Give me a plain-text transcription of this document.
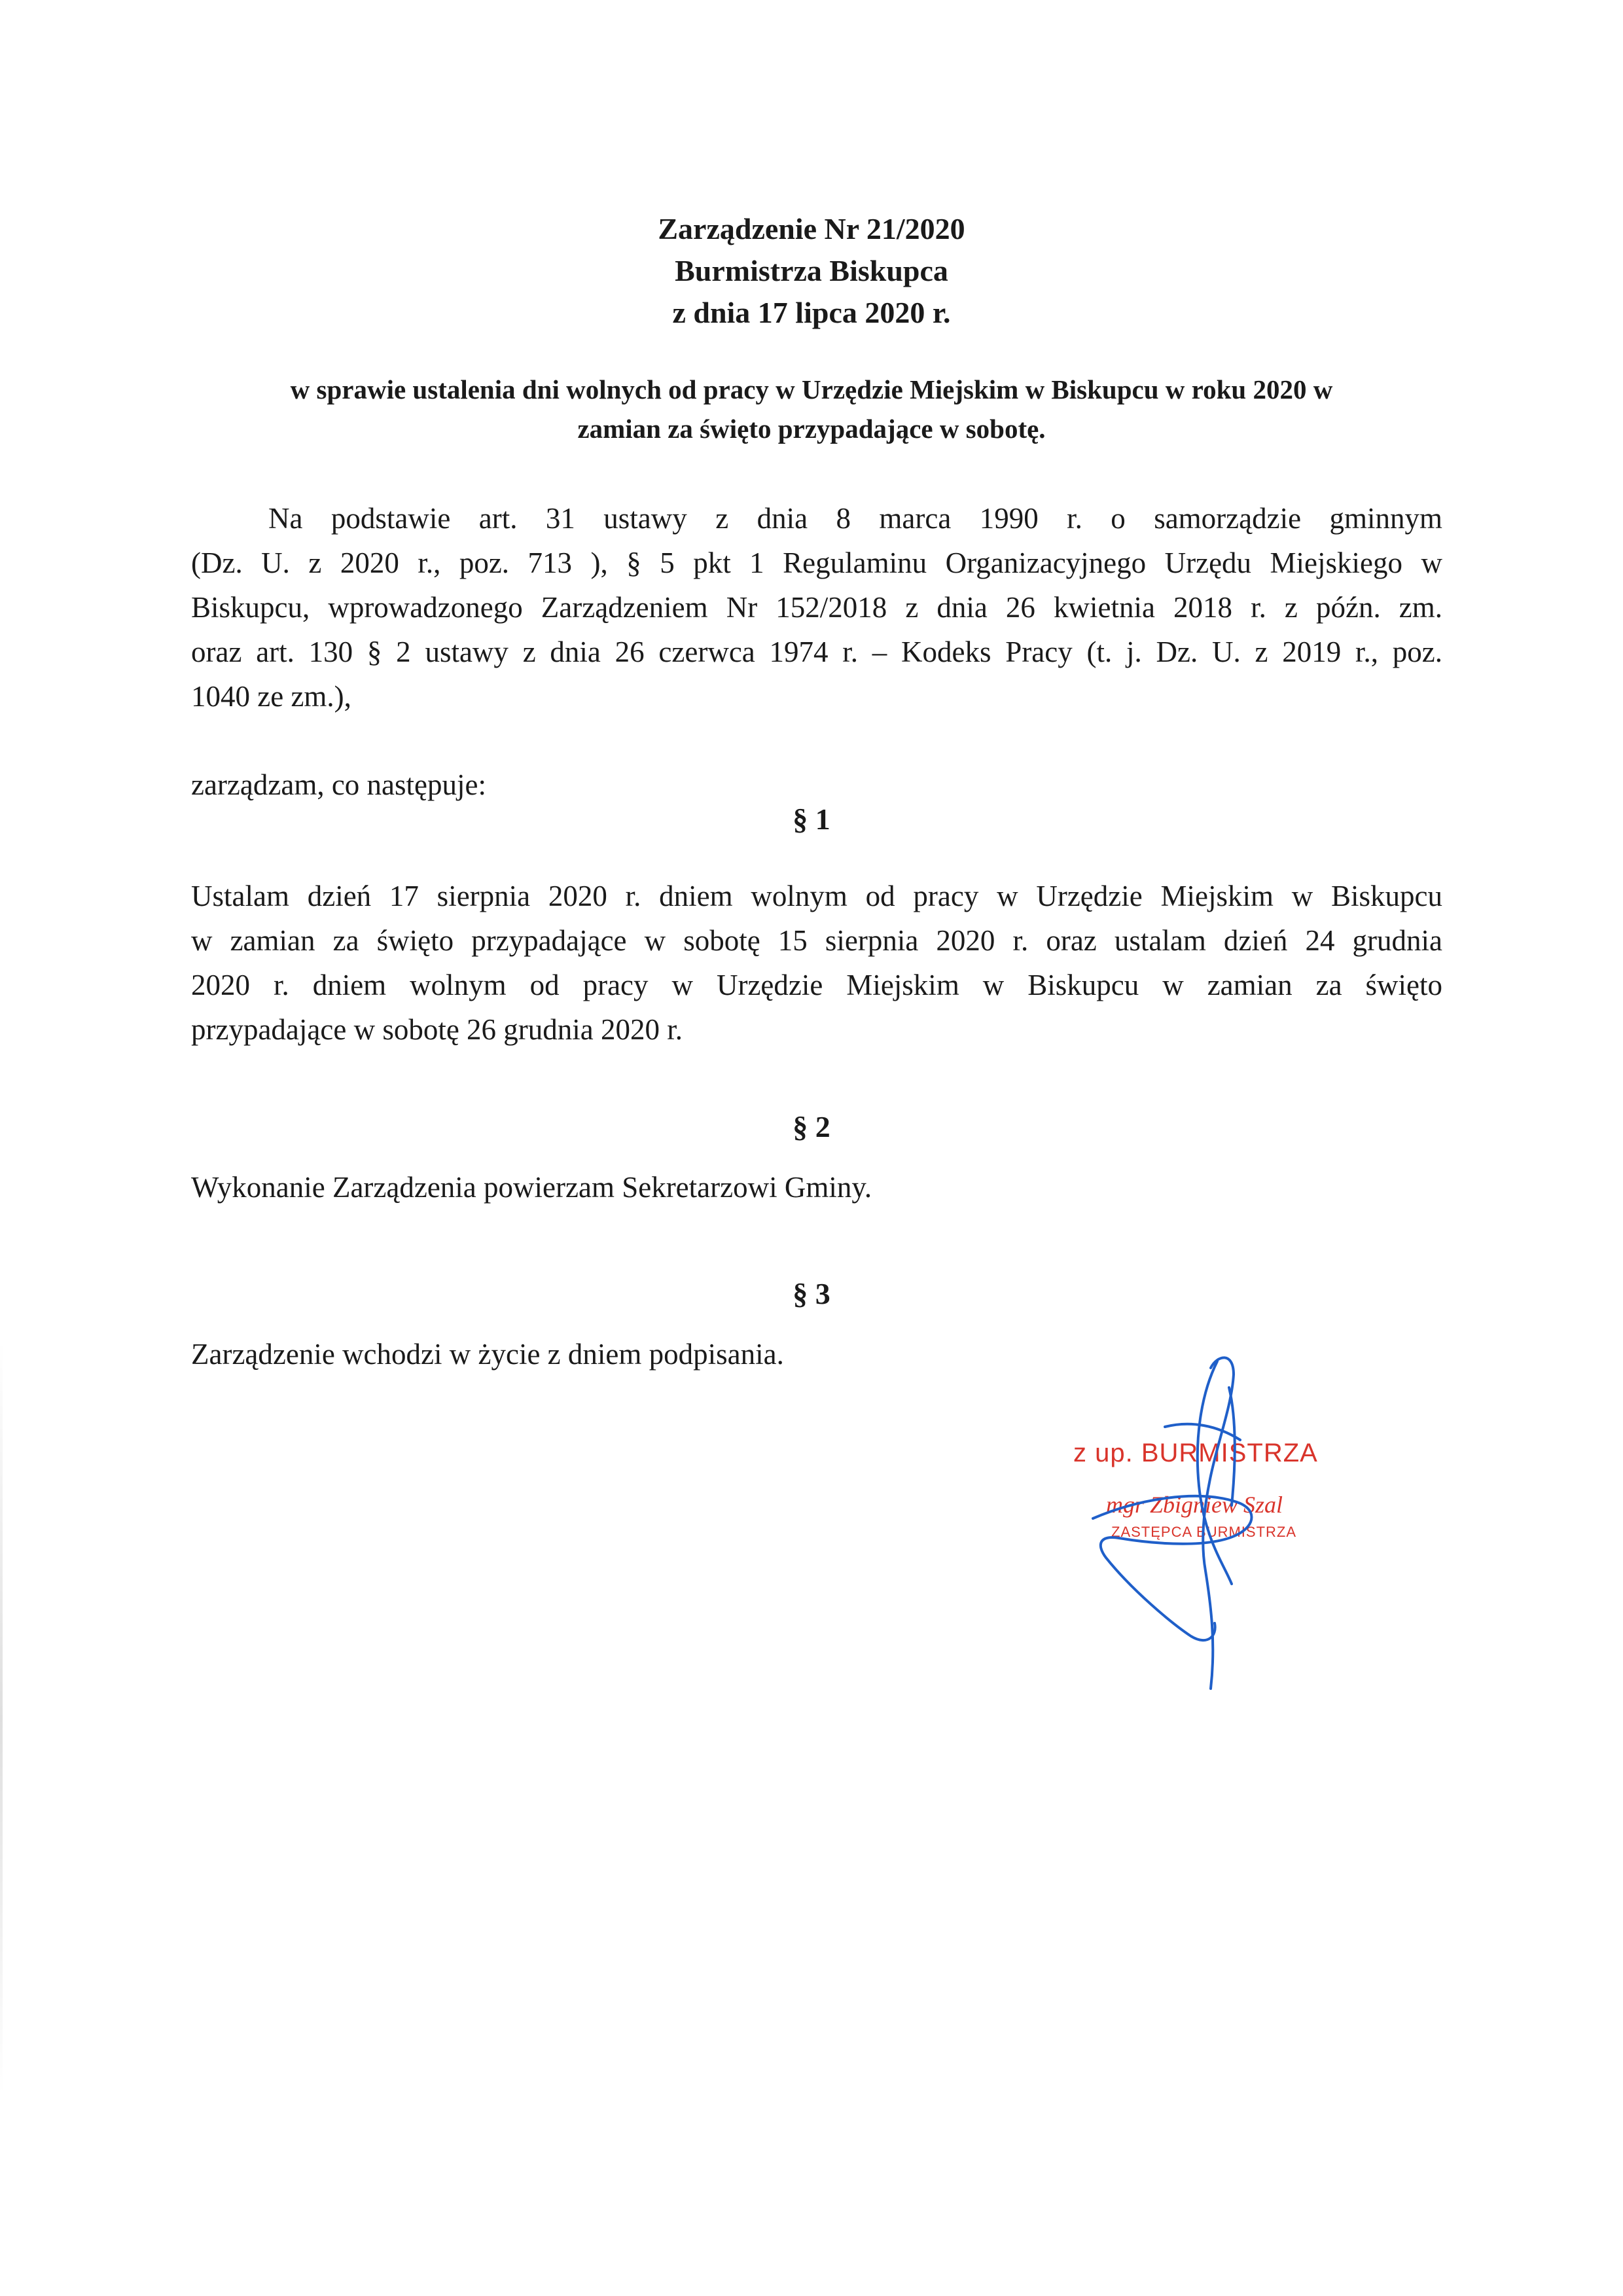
Zarządzenie Nr 21/2020
Burmistrza Biskupca
z dnia 17 lipca 2020 r.
w sprawie ustalenia dni wolnych od pracy w Urzędzie Miejskim w Biskupcu w roku 2020 w
zamian za święto przypadające w sobotę.
Na podstawie art. 31 ustawy z dnia 8 marca 1990 r. o samorządzie gminnym
(Dz. U. z 2020 r., poz. 713 ), § 5 pkt 1 Regulaminu Organizacyjnego Urzędu Miejskiego w
Biskupcu, wprowadzonego Zarządzeniem Nr 152/2018 z dnia 26 kwietnia 2018 r. z późn. zm.
oraz art. 130 § 2 ustawy z dnia 26 czerwca 1974 r. – Kodeks Pracy (t. j. Dz. U. z 2019 r., poz.
1040 ze zm.),
zarządzam, co następuje:
§ 1
Ustalam dzień 17 sierpnia 2020 r. dniem wolnym od pracy w Urzędzie Miejskim w Biskupcu
w zamian za święto przypadające w sobotę 15 sierpnia 2020 r. oraz ustalam dzień 24 grudnia
2020 r. dniem wolnym od pracy w Urzędzie Miejskim w Biskupcu w zamian za święto
przypadające w sobotę 26 grudnia 2020 r.
§ 2
Wykonanie Zarządzenia powierzam Sekretarzowi Gminy.
§ 3
Zarządzenie wchodzi w życie z dniem podpisania.
z up. BURMISTRZA
mgr Zbigniew Szal
ZASTĘPCA BURMISTRZA
